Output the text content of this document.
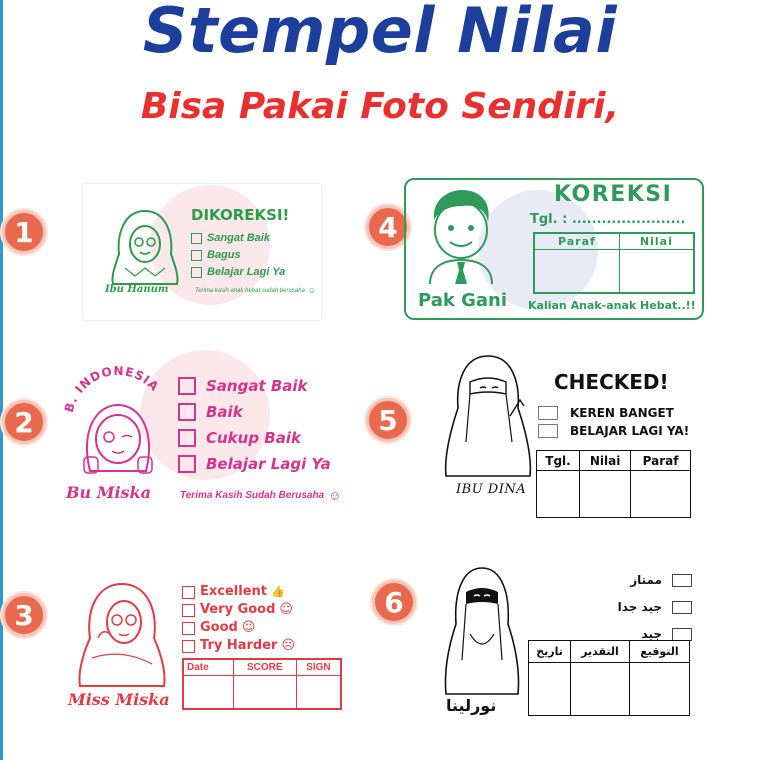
Stempel Nilai
Bisa Pakai Foto Sendiri,
1
2
3
4
5
6
DIKOREKSI!
Sangat Baik
Bagus
Belajar Lagi Ya
Ibu Hanum	Terima kasih anak hebat sudah berusaha ☺
B. INDONESIA
Bu Miska
Sangat Baik
Baik
Cukup Baik
Belajar Lagi Ya
Terima Kasih Sudah Berusaha ☺
Miss Miska
Excellent 👍
Very Good ☺
Good ☺
Try Harder ☹
Date	SCORE	SIGN

Pak Gani
KOREKSI
Tgl. : .......................
Paraf	Nilai

Kalian Anak-anak Hebat..!!
IBU DINA
CHECKED!
KEREN BANGET
BELAJAR LAGI YA!
Tgl.	Nilai	Paraf

نورلينا
ممتاز
جيد جدا
جيد
تاريخ	التقدير	التوقيع
